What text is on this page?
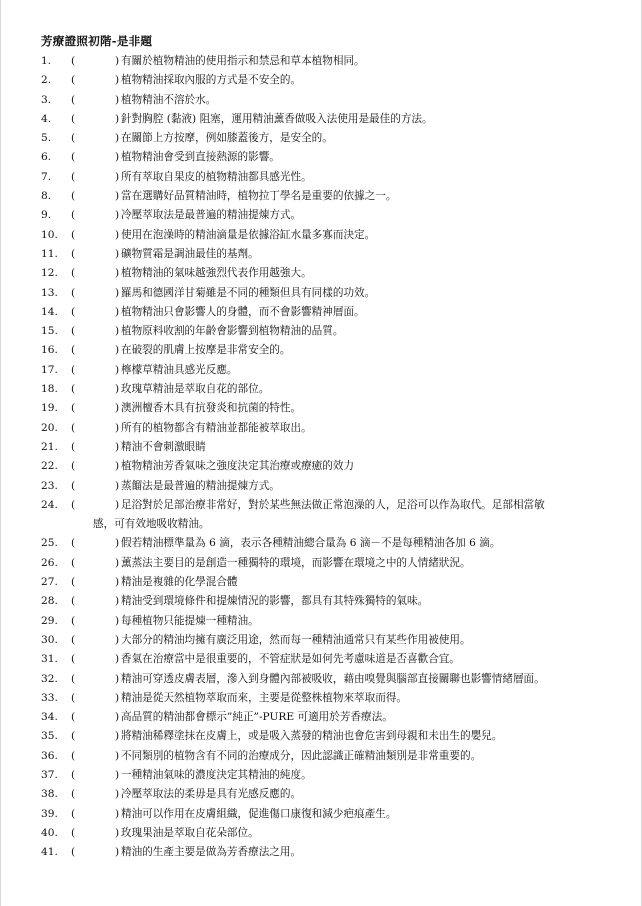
芳療證照初階-是非題
1.	(	) 有關於植物精油的使用指示和禁忌和草本植物相同。
2.	(	) 植物精油採取內服的方式是不安全的。
3.	(	) 植物精油不溶於水。
4.	(	) 針對胸腔 (黏液) 阻塞，運用精油薰香做吸入法使用是最佳的方法。
5.	(	) 在關節上方按摩，例如膝蓋後方，是安全的。
6.	(	) 植物精油會受到直接熱源的影響。
7.	(	) 所有萃取自果皮的植物精油都具感光性。
8.	(	) 當在選購好品質精油時，植物拉丁學名是重要的依據之一。
9.	(	) 冷壓萃取法是最普遍的精油提煉方式。
10.	(	) 使用在泡澡時的精油滴量是依據浴缸水量多寡而決定。
11.	(	) 礦物質霜是調油最佳的基劑。
12.	(	) 植物精油的氣味越強烈代表作用越強大。
13.	(	) 羅馬和德國洋甘菊雖是不同的種類但具有同樣的功效。
14.	(	) 植物精油只會影響人的身體，而不會影響精神層面。
15.	(	) 植物原料收割的年齡會影響到植物精油的品質。
16.	(	) 在破裂的肌膚上按摩是非常安全的。
17.	(	) 檸檬草精油具感光反應。
18.	(	) 玫瑰草精油是萃取自花的部位。
19.	(	) 澳洲檀香木具有抗發炎和抗菌的特性。
20.	(	) 所有的植物都含有精油並都能被萃取出。
21.	(	) 精油不會刺激眼睛
22.	(	) 植物精油芳香氣味之強度決定其治療或療癒的效力
23.	(	) 蒸餾法是最普遍的精油提煉方式。
24.	(	) 足浴對於足部治療非常好，對於某些無法做正常泡澡的人，足浴可以作為取代。足部相當敏
感，可有效地吸收精油。
25.	(	) 假若精油標準量為 6 滴，表示各種精油總合量為 6 滴－不是每種精油各加 6 滴。
26.	(	) 薰蒸法主要目的是創造一種獨特的環境，而影響在環境之中的人情緒狀況。
27.	(	) 精油是複雜的化學混合體
28.	(	) 精油受到環境條件和提煉情況的影響，都具有其特殊獨特的氣味。
29.	(	) 每種植物只能提煉一種精油。
30.	(	) 大部分的精油均擁有廣泛用途，然而每一種精油通常只有某些作用被使用。
31.	(	) 香氣在治療當中是很重要的，不管症狀是如何先考慮味道是否喜歡合宜。
32.	(	) 精油可穿透皮膚表層，滲入到身體內部被吸收，藉由嗅覺與腦部直接關聯也影響情緒層面。
33.	(	) 精油是從天然植物萃取而來，主要是從整株植物來萃取而得。
34.	(	) 高品質的精油都會標示”純正”-PURE 可適用於芳香療法。
35.	(	) 將精油稀釋塗抹在皮膚上，或是吸入蒸發的精油也會危害到母親和未出生的嬰兒。
36.	(	) 不同類別的植物含有不同的治療成分，因此認識正確精油類別是非常重要的。
37.	(	) 一種精油氣味的濃度決定其精油的純度。
38.	(	) 冷壓萃取法的柔毋是具有光感反應的。
39.	(	) 精油可以作用在皮膚組織，促進傷口康復和減少疤痕產生。
40.	(	) 玫瑰果油是萃取自花朵部位。
41.	(	) 精油的生產主要是做為芳香療法之用。
